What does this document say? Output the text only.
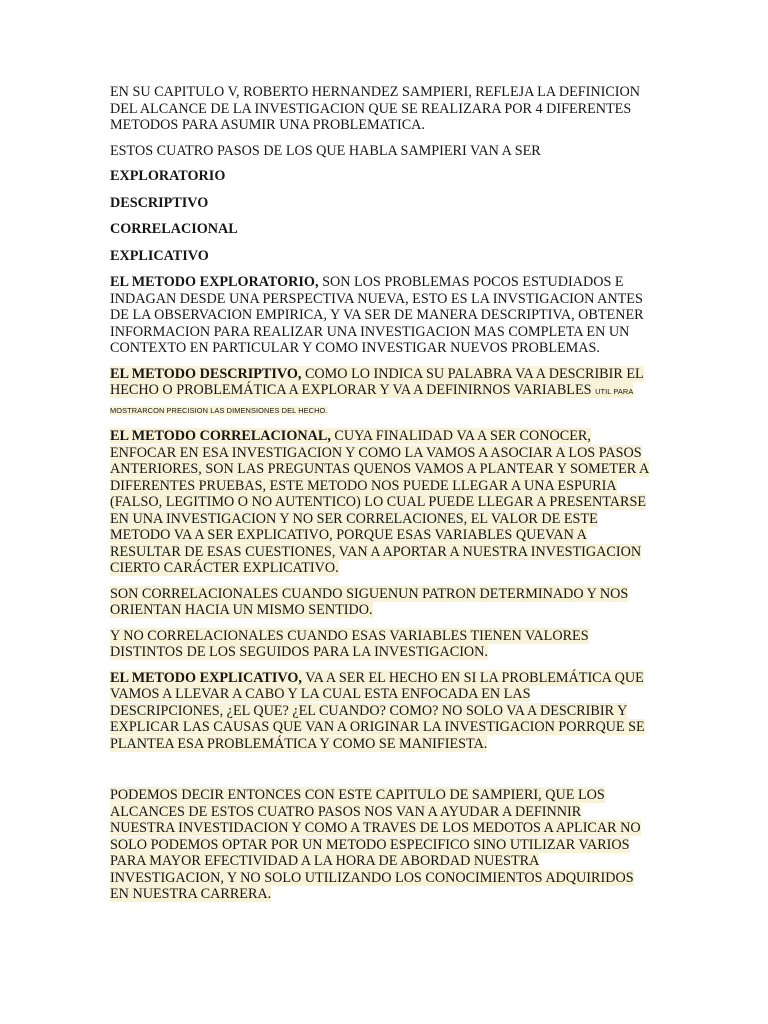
EN SU CAPITULO V, ROBERTO HERNANDEZ SAMPIERI, REFLEJA LA DEFINICION
DEL ALCANCE DE LA INVESTIGACION QUE SE REALIZARA POR 4 DIFERENTES
METODOS PARA ASUMIR UNA PROBLEMATICA.

ESTOS CUATRO PASOS DE LOS QUE HABLA SAMPIERI VAN A SER

EXPLORATORIO

DESCRIPTIVO

CORRELACIONAL

EXPLICATIVO

EL METODO EXPLORATORIO, SON LOS PROBLEMAS POCOS ESTUDIADOS E
INDAGAN DESDE UNA PERSPECTIVA NUEVA, ESTO ES LA INVSTIGACION ANTES
DE LA OBSERVACION EMPIRICA, Y VA SER DE MANERA DESCRIPTIVA, OBTENER
INFORMACION PARA REALIZAR UNA INVESTIGACION MAS COMPLETA EN UN
CONTEXTO EN PARTICULAR Y COMO INVESTIGAR NUEVOS PROBLEMAS.

EL METODO DESCRIPTIVO, COMO LO INDICA SU PALABRA VA A DESCRIBIR EL
HECHO O PROBLEMÁTICA A EXPLORAR Y VA A DEFINIRNOS VARIABLES UTIL PARA
MOSTRARCON PRECISION LAS DIMENSIONES DEL HECHO.

EL METODO CORRELACIONAL, CUYA FINALIDAD VA A SER CONOCER,
ENFOCAR EN ESA INVESTIGACION Y COMO LA VAMOS A ASOCIAR A LOS PASOS
ANTERIORES, SON LAS PREGUNTAS QUENOS VAMOS A PLANTEAR Y SOMETER A
DIFERENTES PRUEBAS, ESTE METODO NOS PUEDE LLEGAR A UNA ESPURIA
(FALSO, LEGITIMO O NO AUTENTICO) LO CUAL PUEDE LLEGAR A PRESENTARSE
EN UNA INVESTIGACION Y NO SER CORRELACIONES, EL VALOR DE ESTE
METODO VA A SER EXPLICATIVO, PORQUE ESAS VARIABLES QUEVAN A
RESULTAR DE ESAS CUESTIONES, VAN A APORTAR A NUESTRA INVESTIGACION
CIERTO CARÁCTER EXPLICATIVO.

SON CORRELACIONALES CUANDO SIGUENUN PATRON DETERMINADO Y NOS
ORIENTAN HACIA UN MISMO SENTIDO.

Y NO CORRELACIONALES CUANDO ESAS VARIABLES TIENEN VALORES
DISTINTOS DE LOS SEGUIDOS PARA LA INVESTIGACION.

EL METODO EXPLICATIVO, VA A SER EL HECHO EN SI LA PROBLEMÁTICA QUE
VAMOS A LLEVAR A CABO Y LA CUAL ESTA ENFOCADA EN LAS
DESCRIPCIONES, ¿EL QUE? ¿EL CUANDO? COMO? NO SOLO VA A DESCRIBIR Y
EXPLICAR LAS CAUSAS QUE VAN A ORIGINAR LA INVESTIGACION PORRQUE SE
PLANTEA ESA PROBLEMÁTICA Y COMO SE MANIFIESTA.

PODEMOS DECIR ENTONCES CON ESTE CAPITULO DE SAMPIERI, QUE LOS
ALCANCES DE ESTOS CUATRO PASOS NOS VAN A AYUDAR A DEFINNIR
NUESTRA INVESTIDACION Y COMO A TRAVES DE LOS MEDOTOS A APLICAR NO
SOLO PODEMOS OPTAR POR UN METODO ESPECIFICO SINO UTILIZAR VARIOS
PARA MAYOR EFECTIVIDAD A LA HORA DE ABORDAD NUESTRA
INVESTIGACION, Y NO SOLO UTILIZANDO LOS CONOCIMIENTOS ADQUIRIDOS
EN NUESTRA CARRERA.
